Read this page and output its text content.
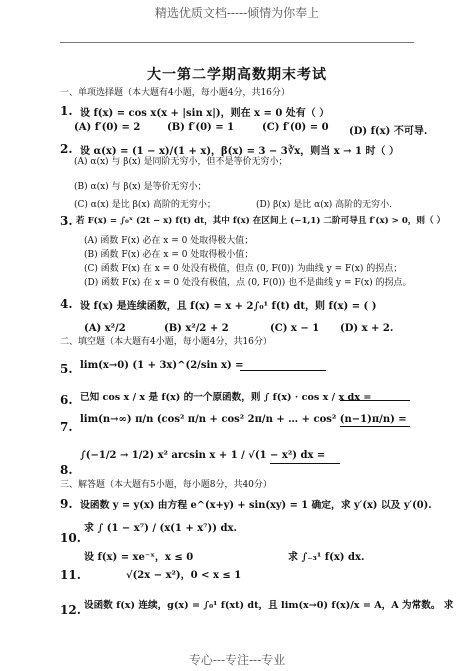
精选优质文档-----倾情为你奉上
大一第二学期高数期末考试
一、单项选择题（本大题有4小题，每小题4分，共16分）
1. 设 f(x) = cos x(x + |sin x|)，则在 x = 0 处有（ ）
(A) f′(0) = 2	(B) f′(0) = 1	(C) f′(0) = 0 (D) f(x) 不可导.
2. 设 α(x) = (1 − x)/(1 + x)，β(x) = 3 − 3∛x，则当 x → 1 时（ ）
(A) α(x) 与 β(x) 是同阶无穷小，但不是等价无穷小；
(B) α(x) 与 β(x) 是等价无穷小；
(C) α(x) 是比 β(x) 高阶的无穷小；	(D) β(x) 是比 α(x) 高阶的无穷小.
3. 若 F(x) = ∫₀ˣ (2t − x) f(t) dt，其中 f(x) 在区间上 (−1,1) 二阶可导且 f′(x) > 0，则（ ）
(A) 函数 F(x) 必在 x = 0 处取得极大值；
(B) 函数 F(x) 必在 x = 0 处取得极小值；
(C) 函数 F(x) 在 x = 0 处没有极值，但点 (0, F(0)) 为曲线 y = F(x) 的拐点；
(D) 函数 F(x) 在 x = 0 处没有极值，点 (0, F(0)) 也不是曲线 y = F(x) 的拐点。
4. 设 f(x) 是连续函数，且 f(x) = x + 2∫₀¹ f(t) dt，则 f(x) = ( )
(A) x²/2	(B) x²/2 + 2	(C) x − 1 (D) x + 2.
二、填空题（本大题有4小题，每小题4分，共16分）
5. lim(x→0) (1 + 3x)^(2/sin x) =
6. 已知 cos x / x 是 f(x) 的一个原函数，则 ∫ f(x) · cos x / x dx =
7.
lim(n→∞) π/n (cos² π/n + cos² 2π/n + … + cos² (n−1)π/n) =
8.
∫(−1/2 → 1/2) x² arcsin x + 1 / √(1 − x²) dx =
三、解答题（本大题有5小题，每小题8分，共40分）
9. 设函数 y = y(x) 由方程 e^(x+y) + sin(xy) = 1 确定，求 y′(x) 以及 y′(0).
10.
求 ∫ (1 − x⁷) / (x(1 + x⁷)) dx.
11.
设 f(x) = xe⁻ˣ，x ≤ 0
√(2x − x²)，0 < x ≤ 1
求 ∫₋₃¹ f(x) dx.
12. 设函数 f(x) 连续，g(x) = ∫₀¹ f(xt) dt，且 lim(x→0) f(x)/x = A，A 为常数。 求
专心---专注---专业
